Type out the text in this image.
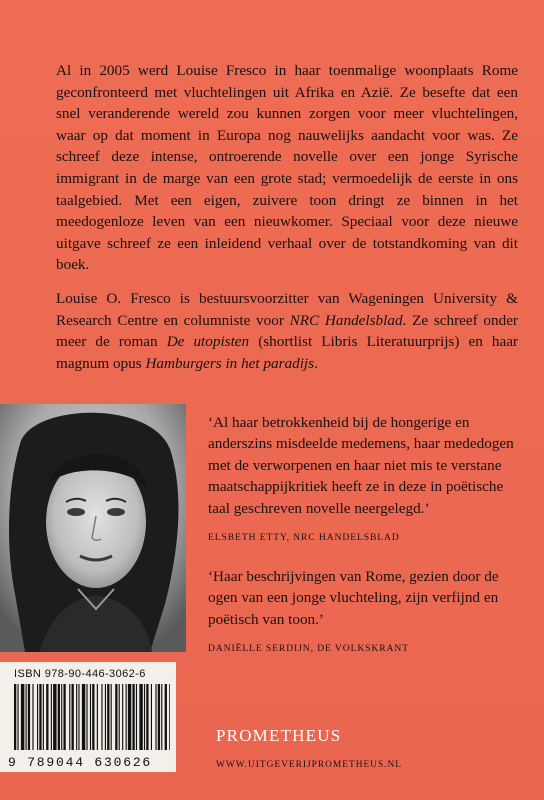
Al in 2005 werd Louise Fresco in haar toenmalige woonplaats Rome geconfronteerd met vluchtelingen uit Afrika en Azië. Ze besefte dat een snel veranderende wereld zou kunnen zorgen voor meer vluchtelingen, waar op dat moment in Europa nog nauwelijks aandacht voor was. Ze schreef deze intense, ontroerende novelle over een jonge Syrische immigrant in de marge van een grote stad; vermoedelijk de eerste in ons taalgebied. Met een eigen, zuivere toon dringt ze binnen in het meedogenloze leven van een nieuwkomer. Speciaal voor deze nieuwe uitgave schreef ze een inleidend verhaal over de totstandkoming van dit boek.

Louise O. Fresco is bestuursvoorzitter van Wageningen University & Research Centre en columniste voor NRC Handelsblad. Ze schreef onder meer de roman De utopisten (shortlist Libris Literatuurprijs) en haar magnum opus Hamburgers in het paradijs.

‘Al haar betrokkenheid bij de hongerige en anderszins misdeelde medemens, haar mededogen met de verworpenen en haar niet mis te verstane maatschappijkritiek heeft ze in deze in poëtische taal geschreven novelle neergelegd.’
ELSBETH ETTY, NRC HANDELSBLAD
‘Haar beschrijvingen van Rome, gezien door de ogen van een jonge vluchteling, zijn verfijnd en poëtisch van toon.’
DANIËLLE SERDIJN, DE VOLKSKRANT
ISBN 978-90-446-3062-6
9 789044 630626
PROMETHEUS
WWW.UITGEVERIJPROMETHEUS.NL
